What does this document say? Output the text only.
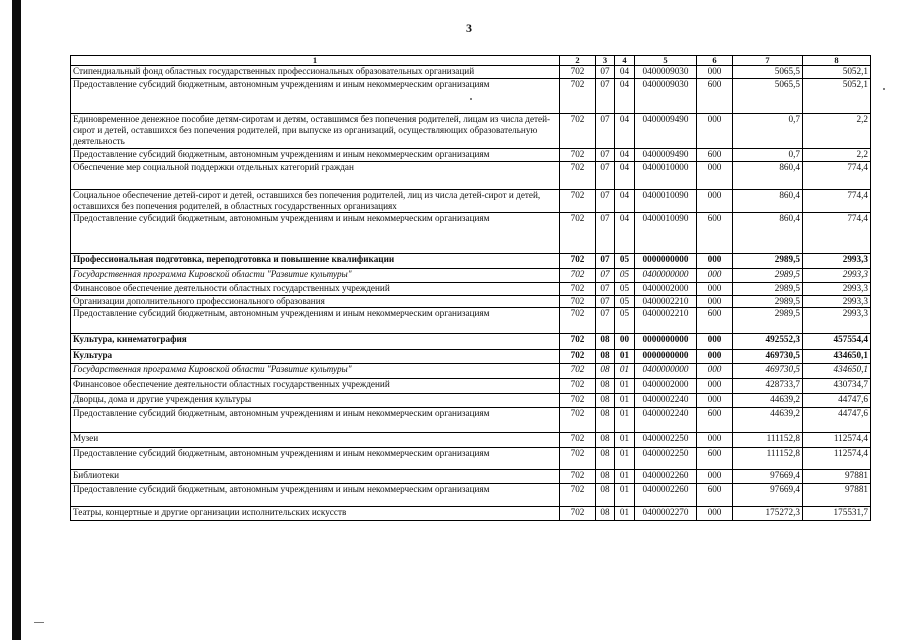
3
1	2	3	4	5	6	7	8
Стипендиальный фонд областных государственных профессиональных образовательных организаций	702	07	04	0400009030	000	5065,5	5052,1
Предоставление субсидий бюджетным, автономным учреждениям и иным некоммерческим организациям	702	07	04	0400009030	600	5065,5	5052,1
Единовременное денежное пособие детям-сиротам и детям, оставшимся без попечения родителей, лицам из числа детей-сирот и детей, оставшихся без попечения родителей, при выпуске из организаций, осуществляющих образовательную деятельность	702	07	04	0400009490	000	0,7	2,2
Предоставление субсидий бюджетным, автономным учреждениям и иным некоммерческим организациям	702	07	04	0400009490	600	0,7	2,2
Обеспечение мер социальной поддержки отдельных категорий граждан	702	07	04	0400010000	000	860,4	774,4
Социальное обеспечение детей-сирот и детей, оставшихся без попечения родителей, лиц из числа детей-сирот и детей, оставшихся без попечения родителей, в областных государственных организациях	702	07	04	0400010090	000	860,4	774,4
Предоставление субсидий бюджетным, автономным учреждениям и иным некоммерческим организациям	702	07	04	0400010090	600	860,4	774,4
Профессиональная подготовка, переподготовка и повышение квалификации	702	07	05	0000000000	000	2989,5	2993,3
Государственная программа Кировской области "Развитие культуры"	702	07	05	0400000000	000	2989,5	2993,3
Финансовое обеспечение деятельности областных государственных учреждений	702	07	05	0400002000	000	2989,5	2993,3
Организации дополнительного профессионального образования	702	07	05	0400002210	000	2989,5	2993,3
Предоставление субсидий бюджетным, автономным учреждениям и иным некоммерческим организациям	702	07	05	0400002210	600	2989,5	2993,3
Культура, кинематография	702	08	00	0000000000	000	492552,3	457554,4
Культура	702	08	01	0000000000	000	469730,5	434650,1
Государственная программа Кировской области "Развитие культуры"	702	08	01	0400000000	000	469730,5	434650,1
Финансовое обеспечение деятельности областных государственных учреждений	702	08	01	0400002000	000	428733,7	430734,7
Дворцы, дома и другие учреждения культуры	702	08	01	0400002240	000	44639,2	44747,6
Предоставление субсидий бюджетным, автономным учреждениям и иным некоммерческим организациям	702	08	01	0400002240	600	44639,2	44747,6
Музеи	702	08	01	0400002250	000	111152,8	112574,4
Предоставление субсидий бюджетным, автономным учреждениям и иным некоммерческим организациям	702	08	01	0400002250	600	111152,8	112574,4
Библиотеки	702	08	01	0400002260	000	97669,4	97881
Предоставление субсидий бюджетным, автономным учреждениям и иным некоммерческим организациям	702	08	01	0400002260	600	97669,4	97881
Театры, концертные и другие организации исполнительских искусств	702	08	01	0400002270	000	175272,3	175531,7
